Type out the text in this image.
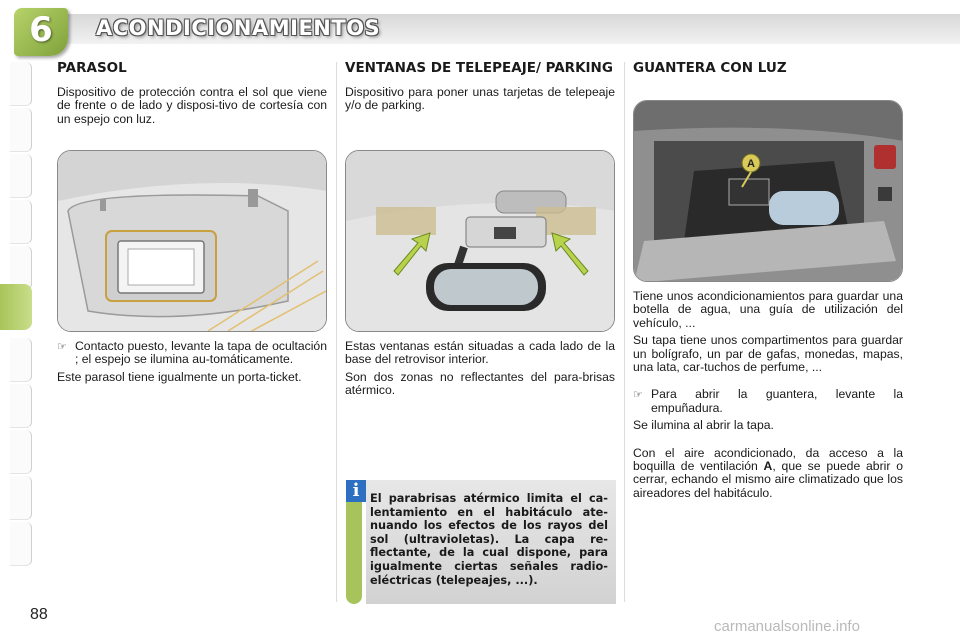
6	ACONDICIONAMIENTOS
PARASOL

Dispositivo de protección contra el sol que viene de frente o de lado y disposi-tivo de cortesía con un espejo con luz.

☞ Contacto puesto, levante la tapa de ocultación ; el espejo se ilumina au-tomáticamente.

Este parasol tiene igualmente un porta-ticket.

VENTANAS DE TELEPEAJE/ PARKING

Dispositivo para poner unas tarjetas de telepeaje y/o de parking.

Estas ventanas están situadas a cada lado de la base del retrovisor interior.

Son dos zonas no reflectantes del para-brisas atérmico.

i El parabrisas atérmico limita el ca-lentamiento en el habitáculo ate-nuando los efectos de los rayos del sol (ultravioletas). La capa re-flectante, de la cual dispone, para igualmente ciertas señales radio-eléctricas (telepeajes, ...).

GUANTERA CON LUZ
A

Tiene unos acondicionamientos para guardar una botella de agua, una guía de utilización del vehículo, ...

Su tapa tiene unos compartimentos para guardar un bolígrafo, un par de gafas, monedas, mapas, una lata, car-tuchos de perfume, ...

☞ Para abrir la guantera, levante la empuñadura.

Se ilumina al abrir la tapa.

Con el aire acondicionado, da acceso a la boquilla de ventilación A, que se puede abrir o cerrar, echando el mismo aire climatizado que los aireadores del habitáculo.

88
carmanualsonline.info
